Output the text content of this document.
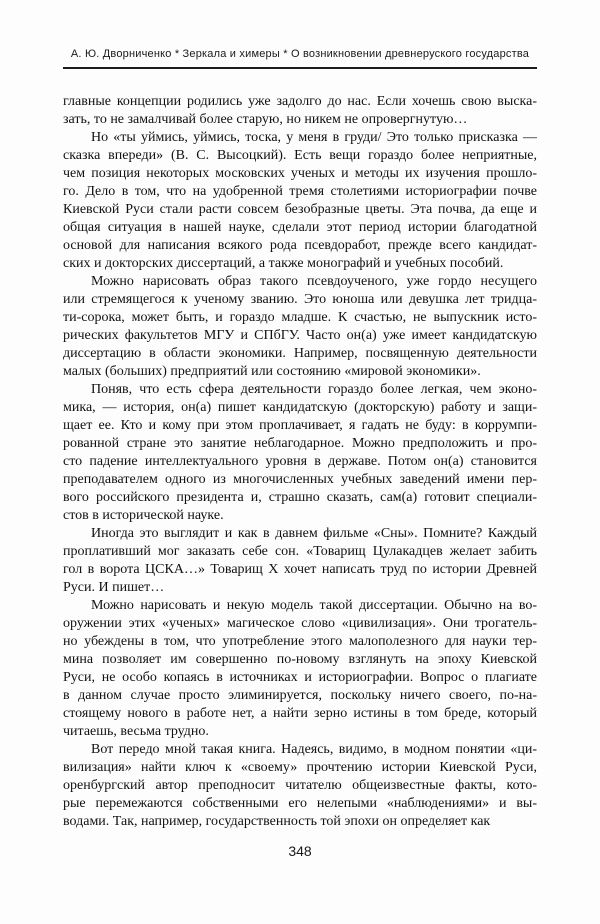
А. Ю. Дворниченко * Зеркала и химеры * О возникновении древнеруского государства
главные концепции родились уже задолго до нас. Если хочешь свою выска-
зать, то не замалчивай более старую, но никем не опровергнутую…
Но «ты уймись, уймись, тоска, у меня в груди/ Это только присказка —
сказка впереди» (В. С. Высоцкий). Есть вещи гораздо более неприятные,
чем позиция некоторых московских ученых и методы их изучения прошло-
го. Дело в том, что на удобренной тремя столетиями историографии почве
Киевской Руси стали расти совсем безобразные цветы. Эта почва, да еще и
общая ситуация в нашей науке, сделали этот период истории благодатной
основой для написания всякого рода псевдоработ, прежде всего кандидат-
ских и докторских диссертаций, а также монографий и учебных пособий.
Можно нарисовать образ такого псевдоученого, уже гордо несущего
или стремящегося к ученому званию. Это юноша или девушка лет тридца-
ти-сорока, может быть, и гораздо младше. К счастью, не выпускник исто-
рических факультетов МГУ и СПбГУ. Часто он(а) уже имеет кандидатскую
диссертацию в области экономики. Например, посвященную деятельности
малых (больших) предприятий или состоянию «мировой экономики».
Поняв, что есть сфера деятельности гораздо более легкая, чем эконо-
мика, — история, он(а) пишет кандидатскую (докторскую) работу и защи-
щает ее. Кто и кому при этом проплачивает, я гадать не буду: в коррумпи-
рованной стране это занятие неблагодарное. Можно предположить и про-
сто падение интеллектуального уровня в державе. Потом он(а) становится
преподавателем одного из многочисленных учебных заведений имени пер-
вого российского президента и, страшно сказать, сам(а) готовит специали-
стов в исторической науке.
Иногда это выглядит и как в давнем фильме «Сны». Помните? Каждый
проплативший мог заказать себе сон. «Товарищ Цулакадцев желает забить
гол в ворота ЦСКА…» Товарищ Х хочет написать труд по истории Древней
Руси. И пишет…
Можно нарисовать и некую модель такой диссертации. Обычно на во-
оружении этих «ученых» магическое слово «цивилизация». Они трогатель-
но убеждены в том, что употребление этого малополезного для науки тер-
мина позволяет им совершенно по-новому взглянуть на эпоху Киевской
Руси, не особо копаясь в источниках и историографии. Вопрос о плагиате
в данном случае просто элиминируется, поскольку ничего своего, по-на-
стоящему нового в работе нет, а найти зерно истины в том бреде, который
читаешь, весьма трудно.
Вот передо мной такая книга. Надеясь, видимо, в модном понятии «ци-
вилизация» найти ключ к «своему» прочтению истории Киевской Руси,
оренбургский автор преподносит читателю общеизвестные факты, кото-
рые перемежаются собственными его нелепыми «наблюдениями» и вы-
водами. Так, например, государственность той эпохи он определяет как
348
